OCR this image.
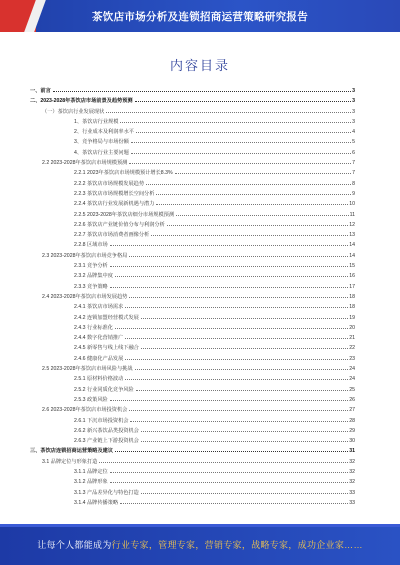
茶饮店市场分析及连锁招商运营策略研究报告
内容目录
一、前言	3
二、2023-2028年茶饮店市场前景及趋势预测	3
（一）茶饮店行业发展现状	3
1、茶饮店行业规模	3
2、行业成本及利润率水平	4
3、竞争格局与市场份额	5
4、茶饮店行业主要问题	6
2.2 2023-2028年茶饮店市场规模预测	7
2.2.1 2023年茶饮店市场规模预计增长8.3%	7
2.2.2 茶饮店市场规模发展趋势	8
2.2.3 茶饮店市场规模增长空间分析	9
2.2.4 茶饮店行业发展新机遇与潜力	10
2.2.5 2023-2028年茶饮店细分市场规模预测	11
2.2.6 茶饮店产业链价值分布与利润分析	12
2.2.7 茶饮店市场消费者画像分析	13
2.2.8 区域市场	14
2.3 2023-2028年茶饮店市场竞争格局	14
2.3.1 竞争分析	15
2.3.2 品牌集中度	16
2.3.3 竞争策略	17
2.4 2023-2028年茶饮店市场发展趋势	18
2.4.1 茶饮店市场需求	18
2.4.2 连锁加盟经营模式发展	19
2.4.3 行业标准化	20
2.4.4 数字化营销推广	21
2.4.5 新零售与线上线下融合	22
2.4.6 健康化产品发展	23
2.5 2023-2028年茶饮店市场风险与挑战	24
2.5.1 原材料价格波动	24
2.5.2 行业同质化竞争风险	25
2.5.3 政策风险	26
2.6 2023-2028年茶饮店市场投资机会	27
2.6.1 下沉市场投资机会	28
2.6.2 新兴茶饮品类投资机会	29
2.6.3 产业链上下游投资机会	30
三、茶饮店连锁招商运营策略及建议	31
3.1 品牌定位与形象打造	32
3.1.1 品牌定位	32
3.1.2 品牌形象	32
3.1.3 产品差异化与特色打造	33
3.1.4 品牌传播策略	33
让每个人都能成为行业专家，管理专家，营销专家，战略专家，成功企业家……
